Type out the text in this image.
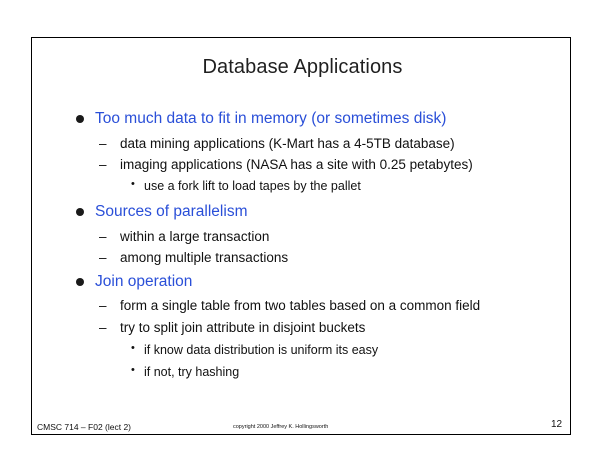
Database Applications
Too much data to fit in memory (or sometimes disk)
– data mining applications (K-Mart has a 4-5TB database)
– imaging applications (NASA has a site with 0.25 petabytes)
• use a fork lift to load tapes by the pallet
Sources of parallelism
– within a large transaction
– among multiple transactions
Join operation
– form a single table from two tables based on a common field
– try to split join attribute in disjoint buckets
• if know data distribution is uniform its easy
• if not, try hashing
CMSC 714 – F02 (lect 2)	copyright 2000 Jeffrey K. Hollingsworth	12
